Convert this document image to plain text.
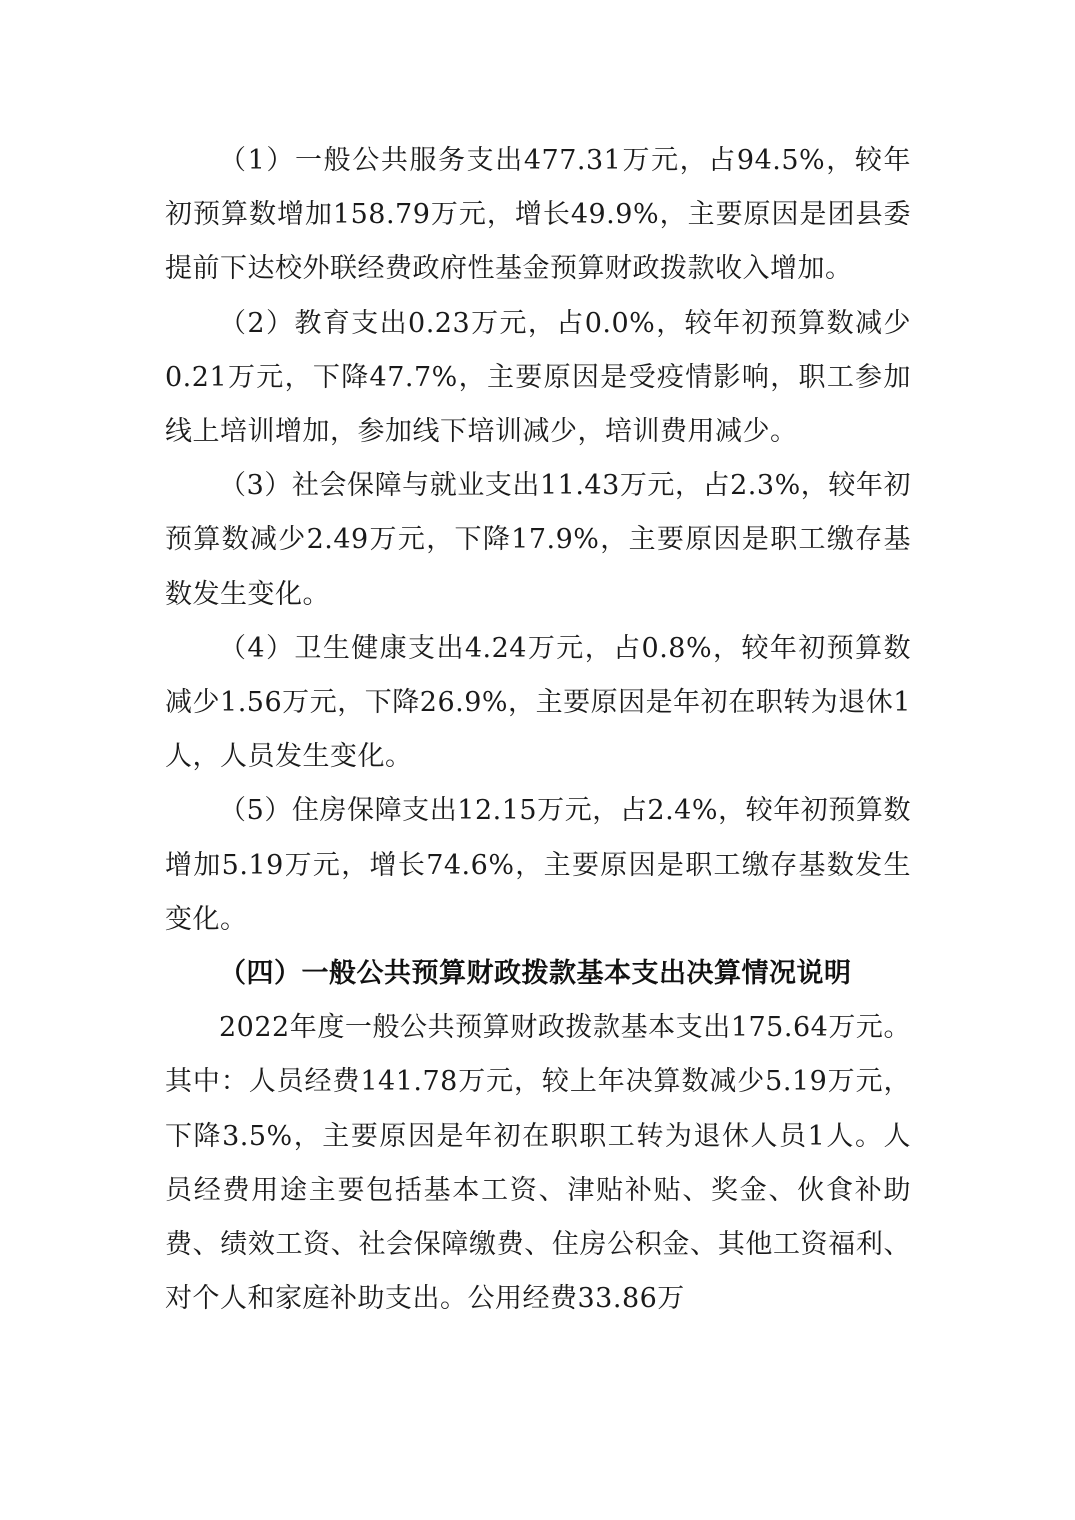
（1）一般公共服务支出477.31万元，占94.5%，较年初预算数增加158.79万元，增长49.9%，主要原因是团县委提前下达校外联经费政府性基金预算财政拨款收入增加。

（2）教育支出0.23万元，占0.0%，较年初预算数减少0.21万元，下降47.7%，主要原因是受疫情影响，职工参加线上培训增加，参加线下培训减少，培训费用减少。

（3）社会保障与就业支出11.43万元，占2.3%，较年初预算数减少2.49万元，下降17.9%，主要原因是职工缴存基数发生变化。

（4）卫生健康支出4.24万元，占0.8%，较年初预算数减少1.56万元，下降26.9%，主要原因是年初在职转为退休1人，人员发生变化。

（5）住房保障支出12.15万元，占2.4%，较年初预算数增加5.19万元，增长74.6%，主要原因是职工缴存基数发生变化。

（四）一般公共预算财政拨款基本支出决算情况说明

2022年度一般公共预算财政拨款基本支出175.64万元。其中：人员经费141.78万元，较上年决算数减少5.19万元，下降3.5%，主要原因是年初在职职工转为退休人员1人。人员经费用途主要包括基本工资、津贴补贴、奖金、伙食补助费、绩效工资、社会保障缴费、住房公积金、其他工资福利、对个人和家庭补助支出。公用经费33.86万
